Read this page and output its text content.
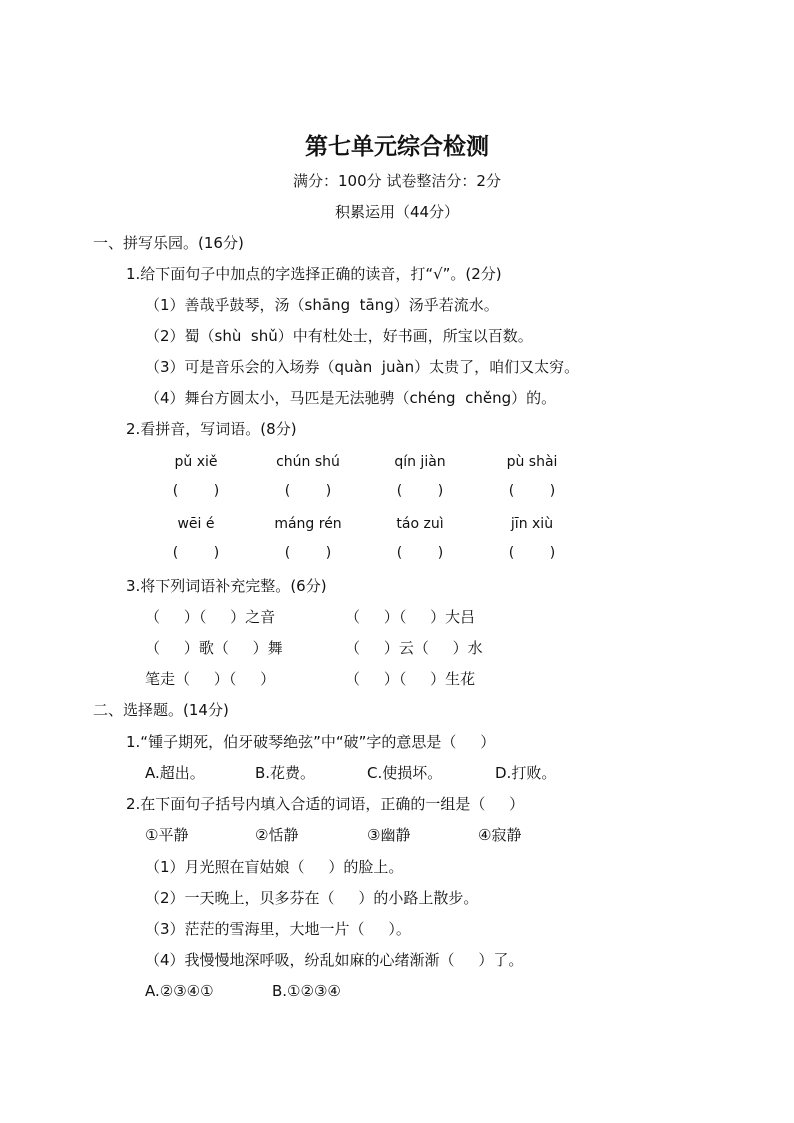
第七单元综合检测
满分：100分 试卷整洁分：2分
积累运用（44分）
一、拼写乐园。(16分)
1.给下面句子中加点的字选择正确的读音，打“√”。(2分)
（1）善哉乎鼓琴，汤（shāng  tāng）汤乎若流水。
（2）蜀（shù  shǔ）中有杜处士，好书画，所宝以百数。
（3）可是音乐会的入场券（quàn  juàn）太贵了，咱们又太穷。
（4）舞台方圆太小，马匹是无法驰骋（chéng  chěng）的。
2.看拼音，写词语。(8分)
pǔ xiě	chún shú	qín jiàn	pù shài
(        )	(        )	(        )	(        )
wēi é	máng rén	táo zuì	jīn xiù
(        )	(        )	(        )	(        )
3.将下列词语补充完整。(6分)
（     ）（     ）之音	（     ）（     ）大吕
（     ）歌（     ）舞	（     ）云（     ）水
笔走（     ）（     ）	（     ）（     ）生花
二、选择题。(14分)
1.“锺子期死，伯牙破琴绝弦”中“破”字的意思是（     ）
A.超出。	B.花费。	C.使损坏。	D.打败。
2.在下面句子括号内填入合适的词语，正确的一组是（     ）
①平静	②恬静	③幽静	④寂静
（1）月光照在盲姑娘（     ）的脸上。
（2）一天晚上，贝多芬在（     ）的小路上散步。
（3）茫茫的雪海里，大地一片（     ）。
（4）我慢慢地深呼吸，纷乱如麻的心绪渐渐（     ）了。
A.②③④①	B.①②③④
